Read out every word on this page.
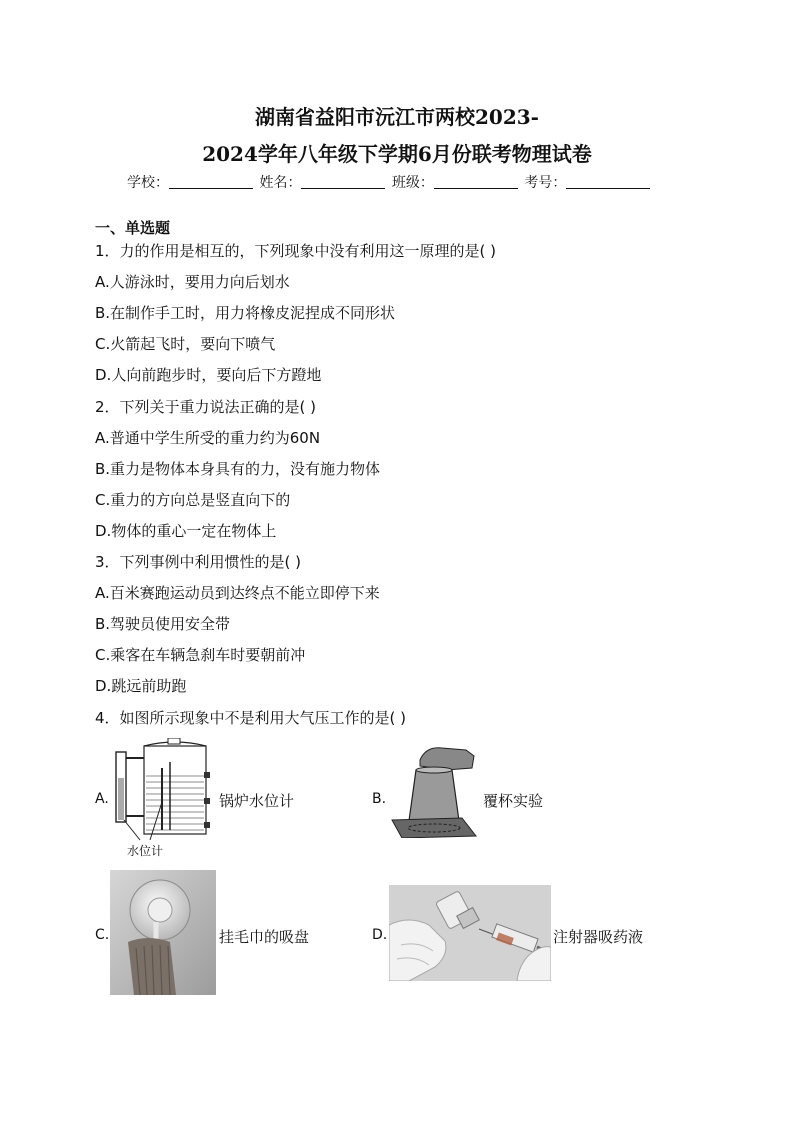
湖南省益阳市沅江市两校2023-
2024学年八年级下学期6月份联考物理试卷
学校：	姓名：	班级：	考号：
一、单选题
1．力的作用是相互的，下列现象中没有利用这一原理的是( )
A.人游泳时，要用力向后划水
B.在制作手工时，用力将橡皮泥捏成不同形状
C.火箭起飞时，要向下喷气
D.人向前跑步时，要向后下方蹬地
2．下列关于重力说法正确的是( )
A.普通中学生所受的重力约为60N
B.重力是物体本身具有的力，没有施力物体
C.重力的方向总是竖直向下的
D.物体的重心一定在物体上
3．下列事例中利用惯性的是( )
A.百米赛跑运动员到达终点不能立即停下来
B.驾驶员使用安全带
C.乘客在车辆急刹车时要朝前冲
D.跳远前助跑
4．如图所示现象中不是利用大气压工作的是( )
A.
水位计
锅炉水位计	B.	覆杯实验
C.	挂毛巾的吸盘	D.	注射器吸药液
